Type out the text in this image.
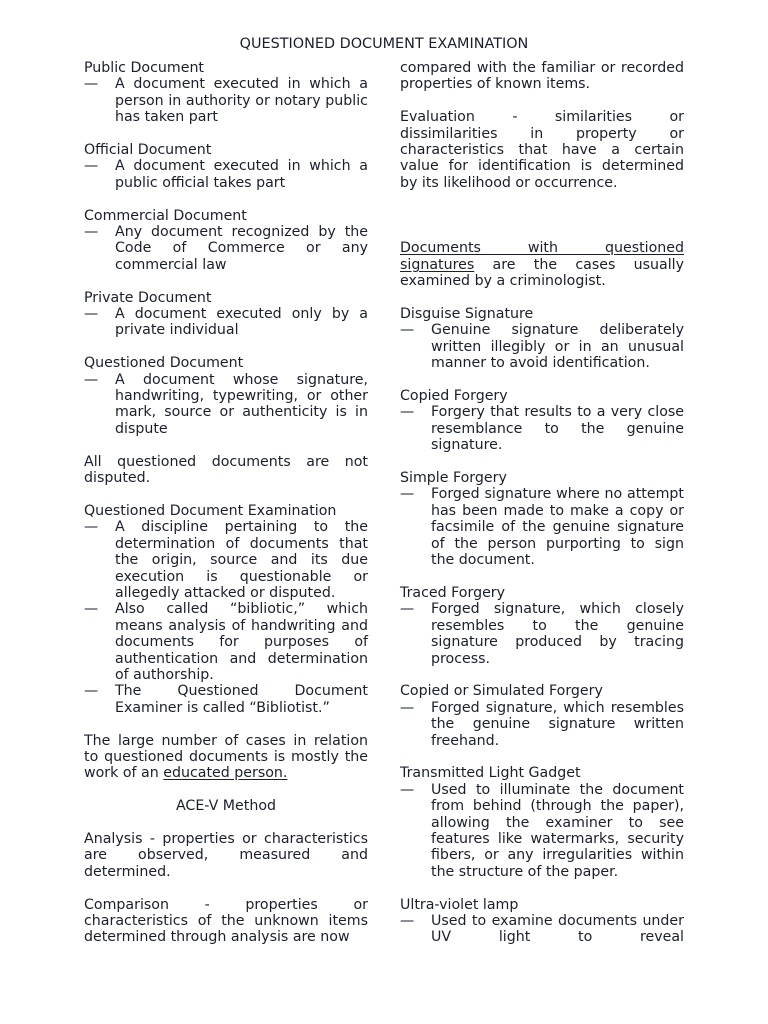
QUESTIONED DOCUMENT EXAMINATION
Public Document
—	A document executed in which a person in authority or notary public has taken part
Official Document
—	A document executed in which a public official takes part
Commercial Document
—	Any document recognized by the Code of Commerce or any commercial law
Private Document
—	A document executed only by a private individual
Questioned Document
—	A document whose signature, handwriting, typewriting, or other mark, source or authenticity is in dispute
All questioned documents are not disputed.
Questioned Document Examination
—	A discipline pertaining to the determination of documents that the origin, source and its due execution is questionable or allegedly attacked or disputed.
—	Also called “bibliotic,” which means analysis of handwriting and documents for purposes of authentication and determination of authorship.
—	The Questioned Document Examiner is called “Bibliotist.”
The large number of cases in relation to questioned documents is mostly the work of an educated person.
ACE-V Method
Analysis - properties or characteristics are observed, measured and determined.
Comparison - properties or characteristics of the unknown items determined through analysis are now
compared with the familiar or recorded properties of known items.
Evaluation - similarities or dissimilarities in property or characteristics that have a certain value for identification is determined by its likelihood or occurrence.
Documents with questioned
signatures are the cases usually examined by a criminologist.
Disguise Signature
—	Genuine signature deliberately written illegibly or in an unusual manner to avoid identification.
Copied Forgery
—	Forgery that results to a very close resemblance to the genuine signature.
Simple Forgery
—	Forged signature where no attempt has been made to make a copy or facsimile of the genuine signature of the person purporting to sign the document.
Traced Forgery
—	Forged signature, which closely resembles to the genuine signature produced by tracing process.
Copied or Simulated Forgery
—	Forged signature, which resembles the genuine signature written freehand.
Transmitted Light Gadget
—	Used to illuminate the document from behind (through the paper), allowing the examiner to see features like watermarks, security fibers, or any irregularities within the structure of the paper.
Ultra-violet lamp
—	Used to examine documents under UV light to reveal
